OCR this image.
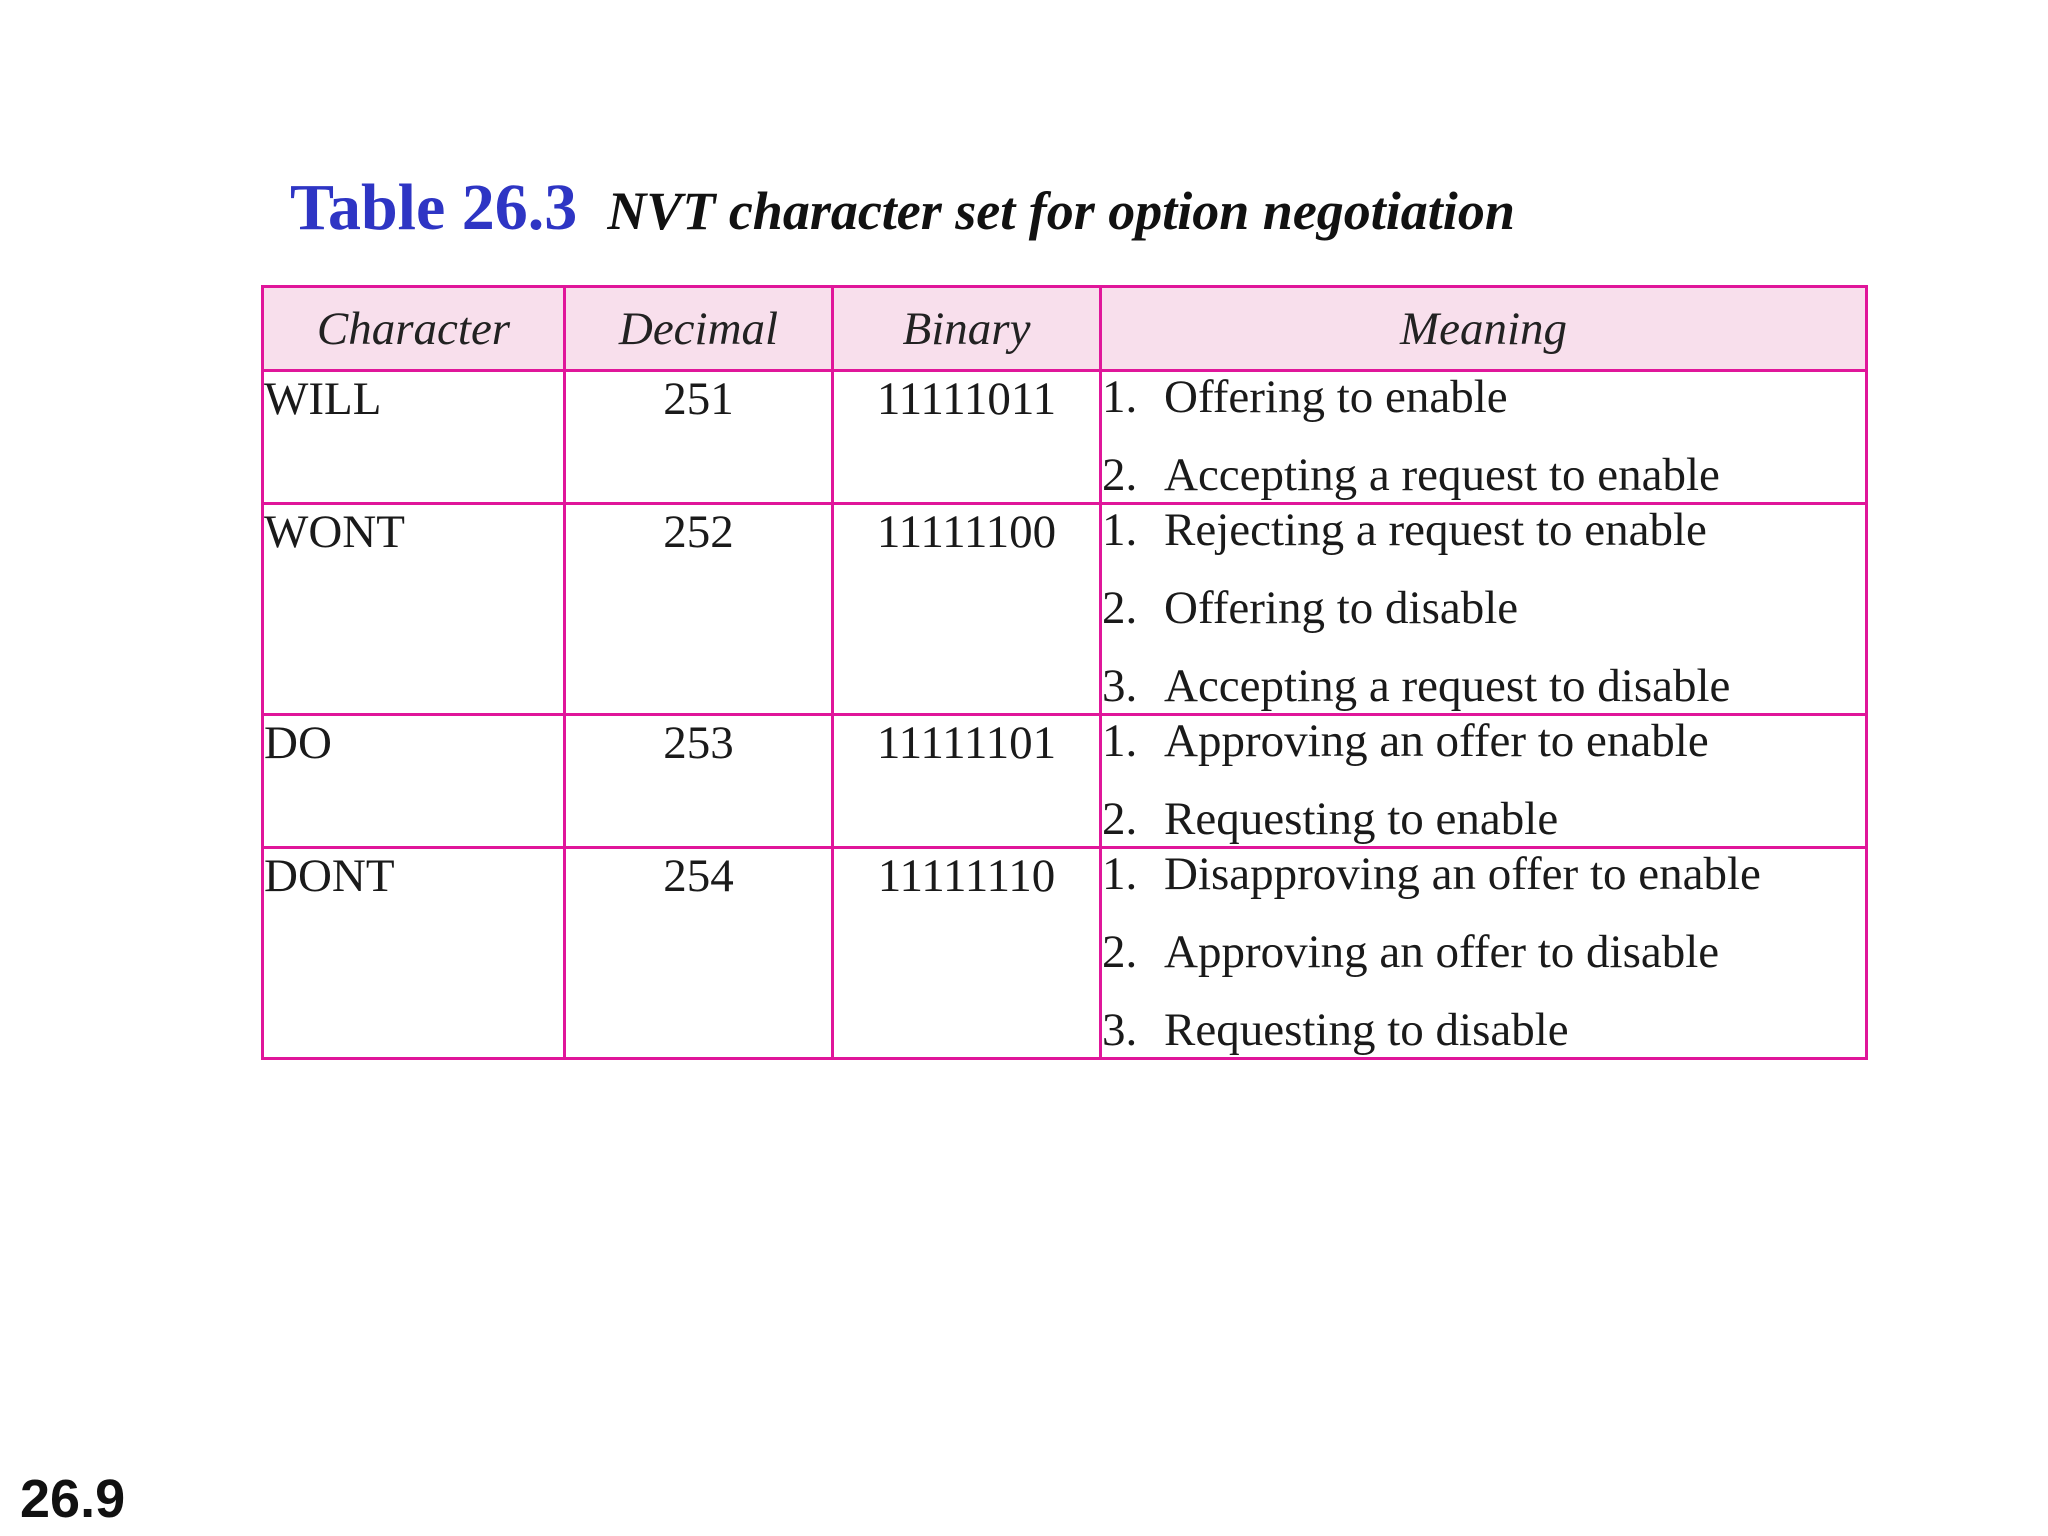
Table 26.3 NVT character set for option negotiation
Character	Decimal	Binary	Meaning
WILL	251	11111011	1. Offering to enable
2. Accepting a request to enable

WONT	252	11111100	1. Rejecting a request to enable
2. Offering to disable
3. Accepting a request to disable

DO	253	11111101	1. Approving an offer to enable
2. Requesting to enable

DONT	254	11111110	1. Disapproving an offer to enable
2. Approving an offer to disable
3. Requesting to disable
26.9
